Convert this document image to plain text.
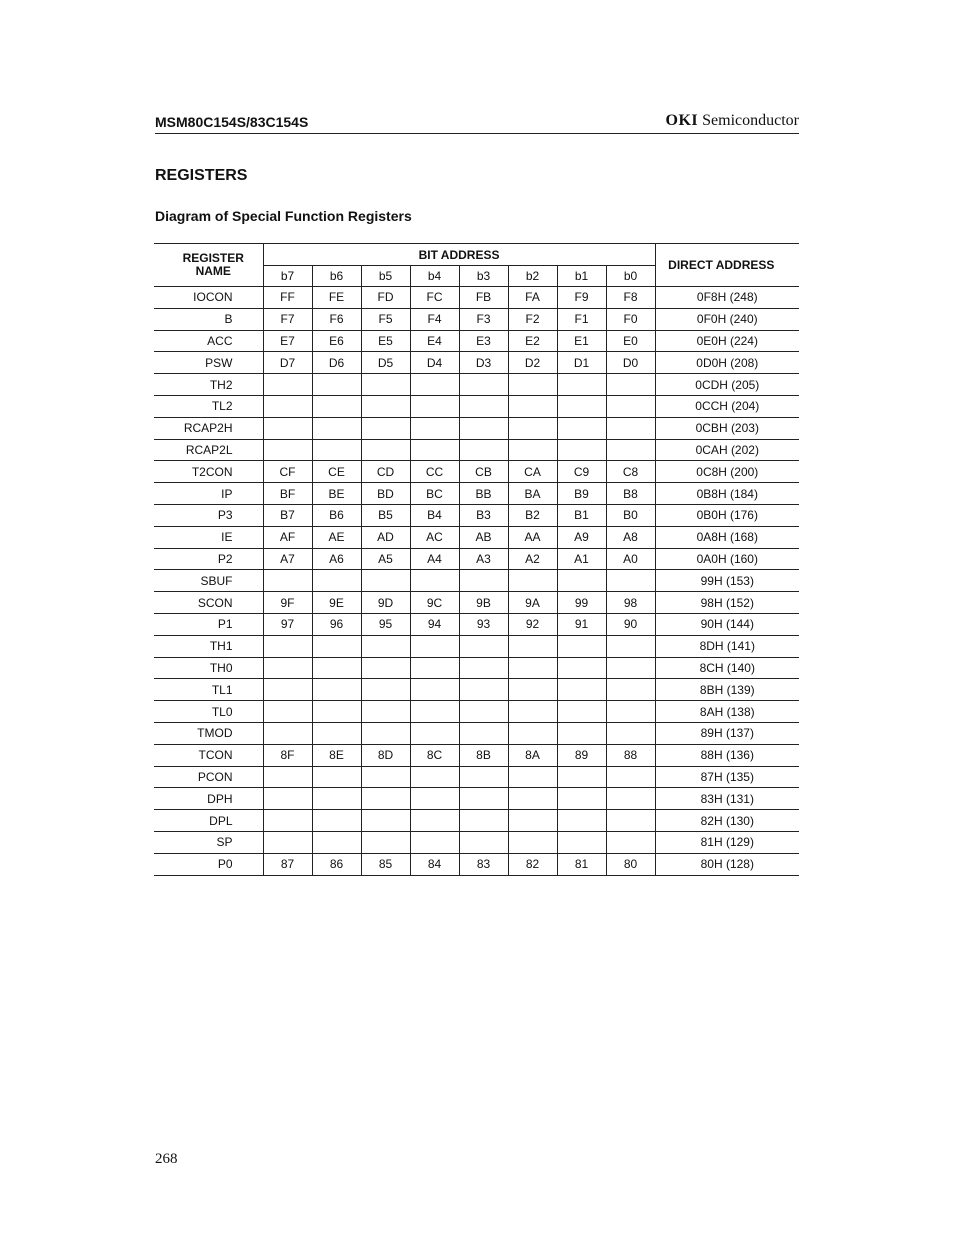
MSM80C154S/83C154S	OKI Semiconductor
REGISTERS
Diagram of Special Function Registers
REGISTER NAME	BIT ADDRESS								DIRECT ADDRESS
	b7	b6	b5	b4	b3	b2	b1	b0	
IOCON	FF	FE	FD	FC	FB	FA	F9	F8	0F8H (248)
B	F7	F6	F5	F4	F3	F2	F1	F0	0F0H (240)
ACC	E7	E6	E5	E4	E3	E2	E1	E0	0E0H (224)
PSW	D7	D6	D5	D4	D3	D2	D1	D0	0D0H (208)
TH2									0CDH (205)
TL2									0CCH (204)
RCAP2H									0CBH (203)
RCAP2L									0CAH (202)
T2CON	CF	CE	CD	CC	CB	CA	C9	C8	0C8H (200)
IP	BF	BE	BD	BC	BB	BA	B9	B8	0B8H (184)
P3	B7	B6	B5	B4	B3	B2	B1	B0	0B0H (176)
IE	AF	AE	AD	AC	AB	AA	A9	A8	0A8H (168)
P2	A7	A6	A5	A4	A3	A2	A1	A0	0A0H (160)
SBUF									99H (153)
SCON	9F	9E	9D	9C	9B	9A	99	98	98H (152)
P1	97	96	95	94	93	92	91	90	90H (144)
TH1									8DH (141)
TH0									8CH (140)
TL1									8BH (139)
TL0									8AH (138)
TMOD									89H (137)
TCON	8F	8E	8D	8C	8B	8A	89	88	88H (136)
PCON									87H (135)
DPH									83H (131)
DPL									82H (130)
SP									81H (129)
P0	87	86	85	84	83	82	81	80	80H (128)
268
